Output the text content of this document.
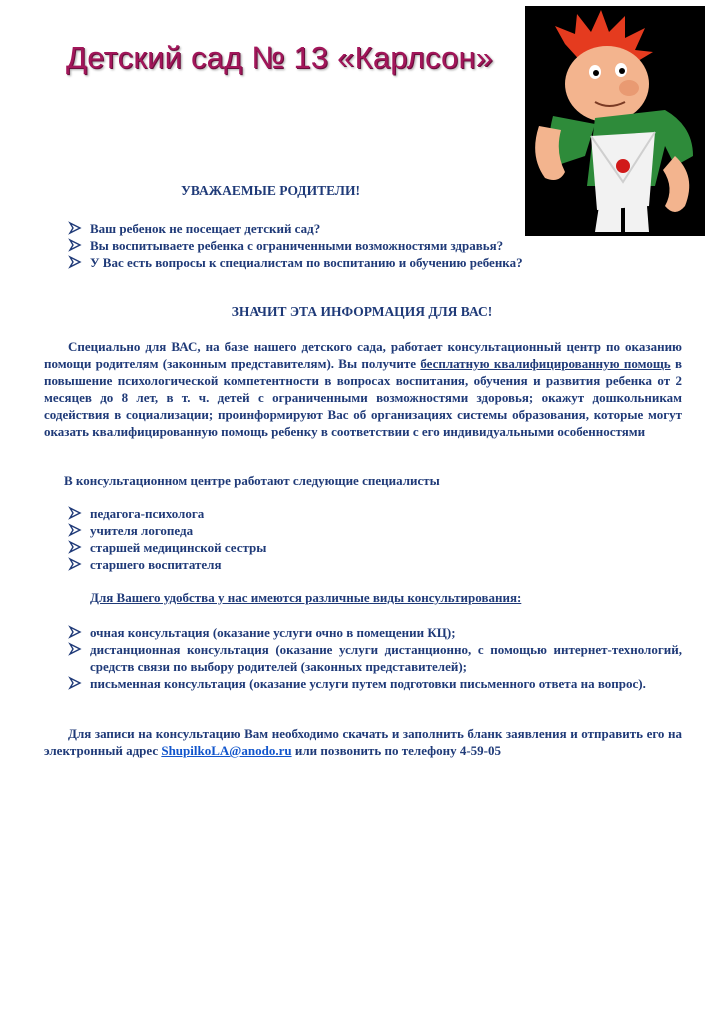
Детский сад № 13 «Карлсон»
УВАЖАЕМЫЕ РОДИТЕЛИ!
Ваш ребенок не посещает детский сад?
Вы воспитываете ребенка с ограниченными возможностями здравья?
У Вас есть вопросы к специалистам по воспитанию и обучению ребенка?
ЗНАЧИТ ЭТА ИНФОРМАЦИЯ ДЛЯ ВАС!
Специально для ВАС, на базе нашего детского сада, работает консультационный центр по оказанию помощи родителям (законным представителям). Вы получите бесплатную квалифицированную помощь в повышение психологической компетентности в вопросах воспитания, обучения и развития ребенка от 2 месяцев до 8 лет, в т. ч. детей с ограниченными возможностями здоровья; окажут дошкольникам содействия в социализации; проинформируют Вас об организациях системы образования, которые могут оказать квалифицированную помощь ребенку в соответствии с его индивидуальными особенностями
В консультационном центре работают следующие специалисты
педагога-психолога
учителя логопеда
старшей медицинской сестры
старшего воспитателя
Для Вашего удобства у нас имеются различные виды консультирования:
очная консультация (оказание услуги очно в помещении КЦ);
дистанционная консультация (оказание услуги дистанционно, с помощью интернет-технологий, средств связи по выбору родителей (законных представителей);
письменная консультация (оказание услуги путем подготовки письменного ответа на вопрос).
Для записи на консультацию Вам необходимо скачать и заполнить бланк заявления и отправить его на электронный адрес ShupilkoLA@anodo.ru или позвонить по телефону 4-59-05
